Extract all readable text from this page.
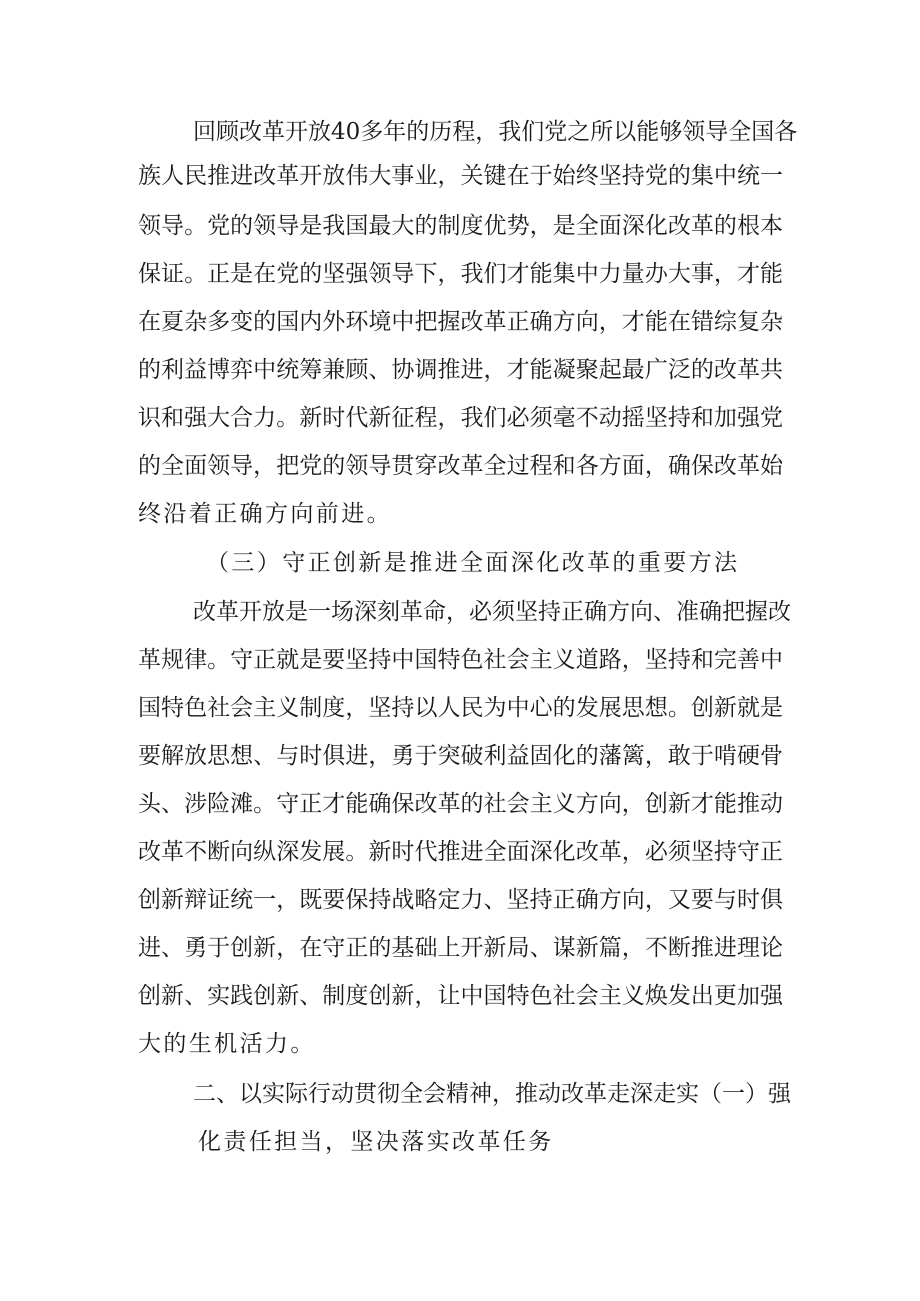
回顾改革开放40多年的历程，我们党之所以能够领导全国各
族人民推进改革开放伟大事业，关键在于始终坚持党的集中统一
领导。党的领导是我国最大的制度优势，是全面深化改革的根本
保证。正是在党的坚强领导下，我们才能集中力量办大事，才能
在夏杂多变的国内外环境中把握改革正确方向，才能在错综复杂
的利益博弈中统筹兼顾、协调推进，才能凝聚起最广泛的改革共
识和强大合力。新时代新征程，我们必须毫不动摇坚持和加强党
的全面领导，把党的领导贯穿改革全过程和各方面，确保改革始
终沿着正确方向前进。
（三）守正创新是推进全面深化改革的重要方法
改革开放是一场深刻革命，必须坚持正确方向、准确把握改
革规律。守正就是要坚持中国特色社会主义道路，坚持和完善中
国特色社会主义制度，坚持以人民为中心的发展思想。创新就是
要解放思想、与时俱进，勇于突破利益固化的藩篱，敢于啃硬骨
头、涉险滩。守正才能确保改革的社会主义方向，创新才能推动
改革不断向纵深发展。新时代推进全面深化改革，必须坚持守正
创新辩证统一，既要保持战略定力、坚持正确方向，又要与时俱
进、勇于创新，在守正的基础上开新局、谋新篇，不断推进理论
创新、实践创新、制度创新，让中国特色社会主义焕发出更加强
大的生机活力。
二、以实际行动贯彻全会精神，推动改革走深走实（一）强
化责任担当，坚决落实改革任务
